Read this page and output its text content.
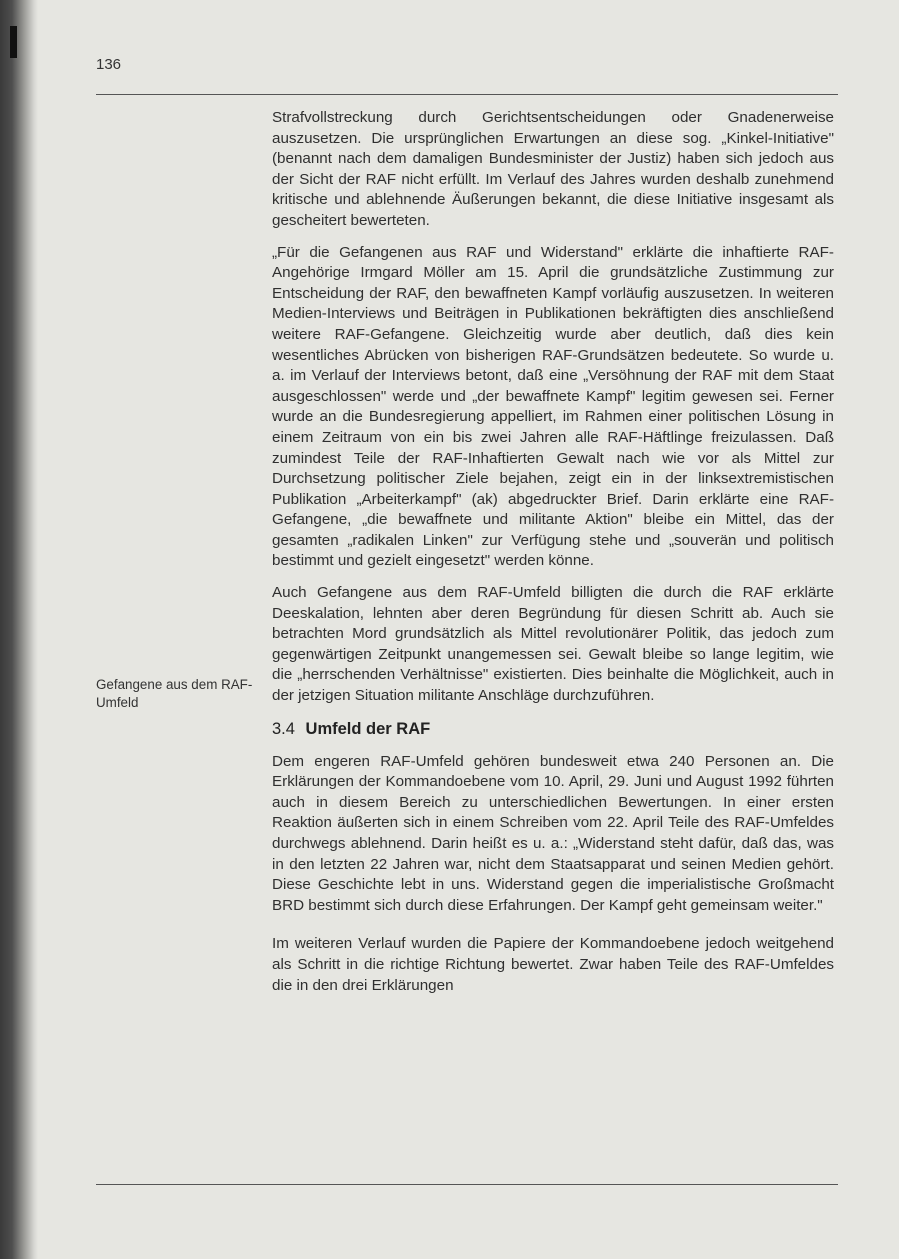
136
Gefangene aus dem RAF-Umfeld

Strafvollstreckung durch Gerichtsentscheidungen oder Gnadenerweise auszusetzen. Die ursprünglichen Erwartungen an diese sog. „Kinkel-Initiative" (benannt nach dem damaligen Bundesminister der Justiz) haben sich jedoch aus der Sicht der RAF nicht erfüllt. Im Verlauf des Jahres wurden deshalb zunehmend kritische und ablehnende Äußerungen bekannt, die diese Initiative insgesamt als gescheitert bewerteten.

„Für die Gefangenen aus RAF und Widerstand" erklärte die inhaftierte RAF-Angehörige Irmgard Möller am 15. April die grundsätzliche Zustimmung zur Entscheidung der RAF, den bewaffneten Kampf vorläufig auszusetzen. In weiteren Medien-Interviews und Beiträgen in Publikationen bekräftigten dies anschließend weitere RAF-Gefangene. Gleichzeitig wurde aber deutlich, daß dies kein wesentliches Abrücken von bisherigen RAF-Grundsätzen bedeutete. So wurde u. a. im Verlauf der Interviews betont, daß eine „Versöhnung der RAF mit dem Staat ausgeschlossen" werde und „der bewaffnete Kampf" legitim gewesen sei. Ferner wurde an die Bundesregierung appelliert, im Rahmen einer politischen Lösung in einem Zeitraum von ein bis zwei Jahren alle RAF-Häftlinge freizulassen. Daß zumindest Teile der RAF-Inhaftierten Gewalt nach wie vor als Mittel zur Durchsetzung politischer Ziele bejahen, zeigt ein in der linksextremistischen Publikation „Arbeiterkampf" (ak) abgedruckter Brief. Darin erklärte eine RAF-Gefangene, „die bewaffnete und militante Aktion" bleibe ein Mittel, das der gesamten „radikalen Linken" zur Verfügung stehe und „souverän und politisch bestimmt und gezielt eingesetzt" werden könne.

Auch Gefangene aus dem RAF-Umfeld billigten die durch die RAF erklärte Deeskalation, lehnten aber deren Begründung für diesen Schritt ab. Auch sie betrachten Mord grundsätzlich als Mittel revolutionärer Politik, das jedoch zum gegenwärtigen Zeitpunkt unangemessen sei. Gewalt bleibe so lange legitim, wie die „herrschenden Verhältnisse" existierten. Dies beinhalte die Möglichkeit, auch in der jetzigen Situation militante Anschläge durchzuführen.

3.4 Umfeld der RAF

Dem engeren RAF-Umfeld gehören bundesweit etwa 240 Personen an. Die Erklärungen der Kommandoebene vom 10. April, 29. Juni und August 1992 führten auch in diesem Bereich zu unterschiedlichen Bewertungen. In einer ersten Reaktion äußerten sich in einem Schreiben vom 22. April Teile des RAF-Umfeldes durchwegs ablehnend. Darin heißt es u. a.: „Widerstand steht dafür, daß das, was in den letzten 22 Jahren war, nicht dem Staatsapparat und seinen Medien gehört. Diese Geschichte lebt in uns. Widerstand gegen die imperialistische Großmacht BRD bestimmt sich durch diese Erfahrungen. Der Kampf geht gemeinsam weiter."

Im weiteren Verlauf wurden die Papiere der Kommandoebene jedoch weitgehend als Schritt in die richtige Richtung bewertet. Zwar haben Teile des RAF-Umfeldes die in den drei Erklärungen
